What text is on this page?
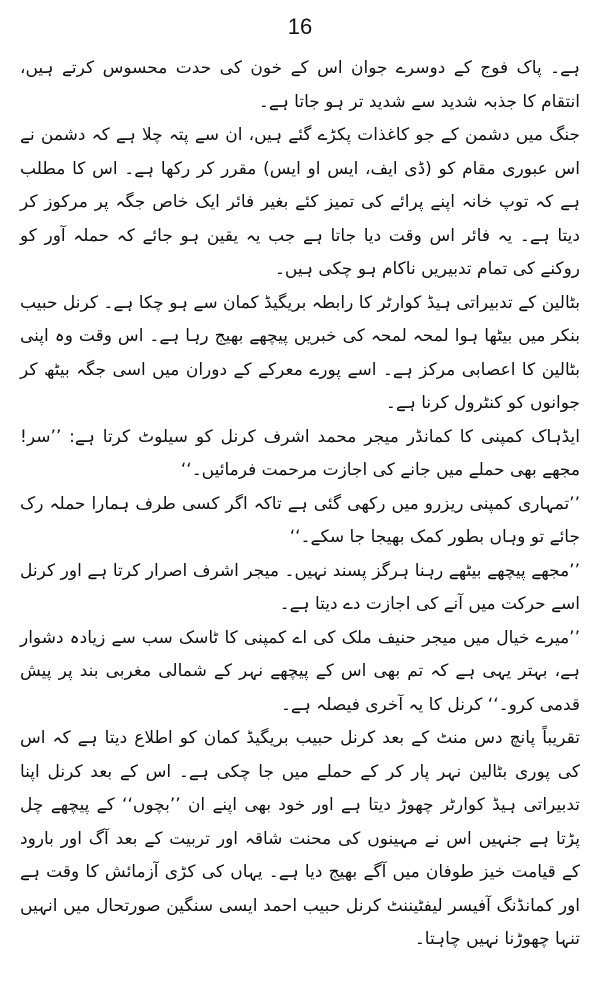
16

ہے۔ پاک فوج کے دوسرے جوان اس کے خون کی حدت محسوس کرتے ہیں، انتقام کا جذبہ شدید سے شدید تر ہو جاتا ہے۔

جنگ میں دشمن کے جو کاغذات پکڑے گئے ہیں، ان سے پتہ چلا ہے کہ دشمن نے اس عبوری مقام کو (ڈی ایف، ایس او ایس) مقرر کر رکھا ہے۔ اس کا مطلب ہے کہ توپ خانہ اپنے پرائے کی تمیز کئے بغیر فائر ایک خاص جگہ پر مرکوز کر دیتا ہے۔ یہ فائر اس وقت دیا جاتا ہے جب یہ یقین ہو جائے کہ حملہ آور کو روکنے کی تمام تدبیریں ناکام ہو چکی ہیں۔

بٹالین کے تدبیراتی ہیڈ کوارٹر کا رابطہ بریگیڈ کمان سے ہو چکا ہے۔ کرنل حبیب بنکر میں بیٹھا ہوا لمحہ لمحہ کی خبریں پیچھے بھیج رہا ہے۔ اس وقت وہ اپنی بٹالین کا اعصابی مرکز ہے۔ اسے پورے معرکے کے دوران میں اسی جگہ بیٹھ کر جوانوں کو کنٹرول کرنا ہے۔

ایڈہاک کمپنی کا کمانڈر میجر محمد اشرف کرنل کو سیلوٹ کرتا ہے: ’’سر! مجھے بھی حملے میں جانے کی اجازت مرحمت فرمائیں۔‘‘

’’تمہاری کمپنی ریزرو میں رکھی گئی ہے تاکہ اگر کسی طرف ہمارا حملہ رک جائے تو وہاں بطور کمک بھیجا جا سکے۔‘‘

’’مجھے پیچھے بیٹھے رہنا ہرگز پسند نہیں۔ میجر اشرف اصرار کرتا ہے اور کرنل اسے حرکت میں آنے کی اجازت دے دیتا ہے۔

’’میرے خیال میں میجر حنیف ملک کی اے کمپنی کا ٹاسک سب سے زیادہ دشوار ہے، بہتر یہی ہے کہ تم بھی اس کے پیچھے نہر کے شمالی مغربی بند پر پیش قدمی کرو۔‘‘ کرنل کا یہ آخری فیصلہ ہے۔

تقریباً پانچ دس منٹ کے بعد کرنل حبیب بریگیڈ کمان کو اطلاع دیتا ہے کہ اس کی پوری بٹالین نہر پار کر کے حملے میں جا چکی ہے۔ اس کے بعد کرنل اپنا تدبیراتی ہیڈ کوارٹر چھوڑ دیتا ہے اور خود بھی اپنے ان ’’بچوں‘‘ کے پیچھے چل پڑتا ہے جنہیں اس نے مہینوں کی محنت شاقہ اور تربیت کے بعد آگ اور بارود کے قیامت خیز طوفان میں آگے بھیج دیا ہے۔ یہاں کی کڑی آزمائش کا وقت ہے اور کمانڈنگ آفیسر لیفٹیننٹ کرنل حبیب احمد ایسی سنگین صورتحال میں انہیں تنہا چھوڑنا نہیں چاہتا۔
